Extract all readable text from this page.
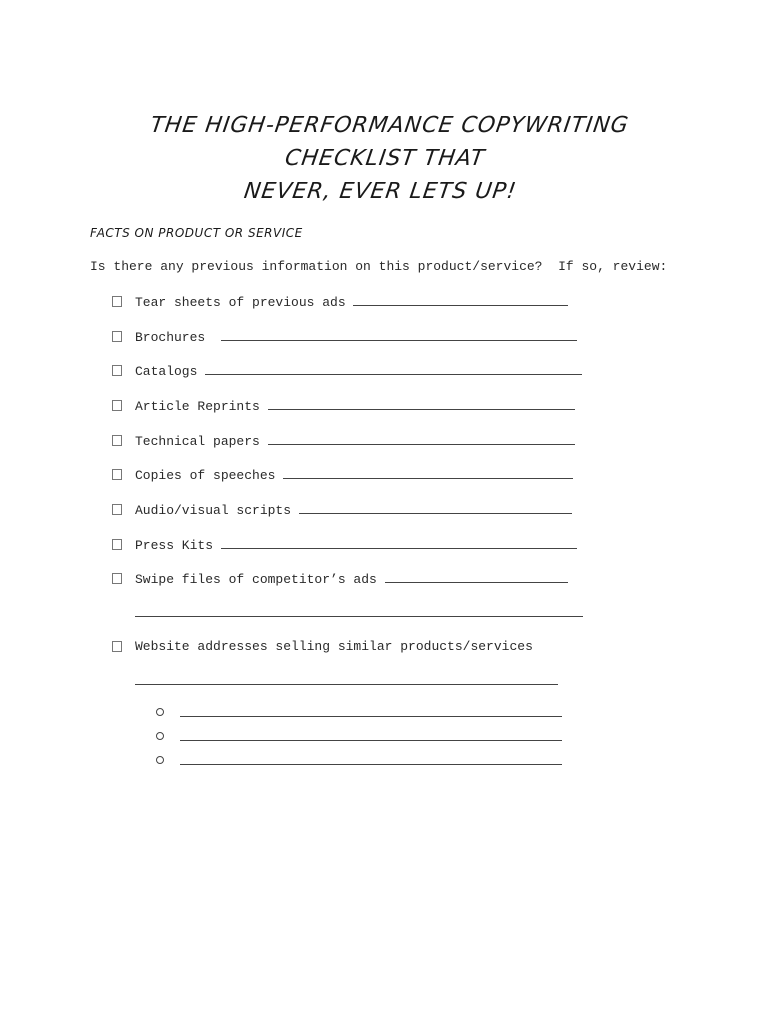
THE HIGH-PERFORMANCE COPYWRITING CHECKLIST THAT
NEVER, EVER LETS UP!
FACTS ON PRODUCT OR SERVICE
Is there any previous information on this product/service?  If so, review:

Tear sheets of previous ads

Brochures

Catalogs

Article Reprints

Technical papers

Copies of speeches

Audio/visual scripts

Press Kits

Swipe files of competitor’s ads

Website addresses selling similar products/services
